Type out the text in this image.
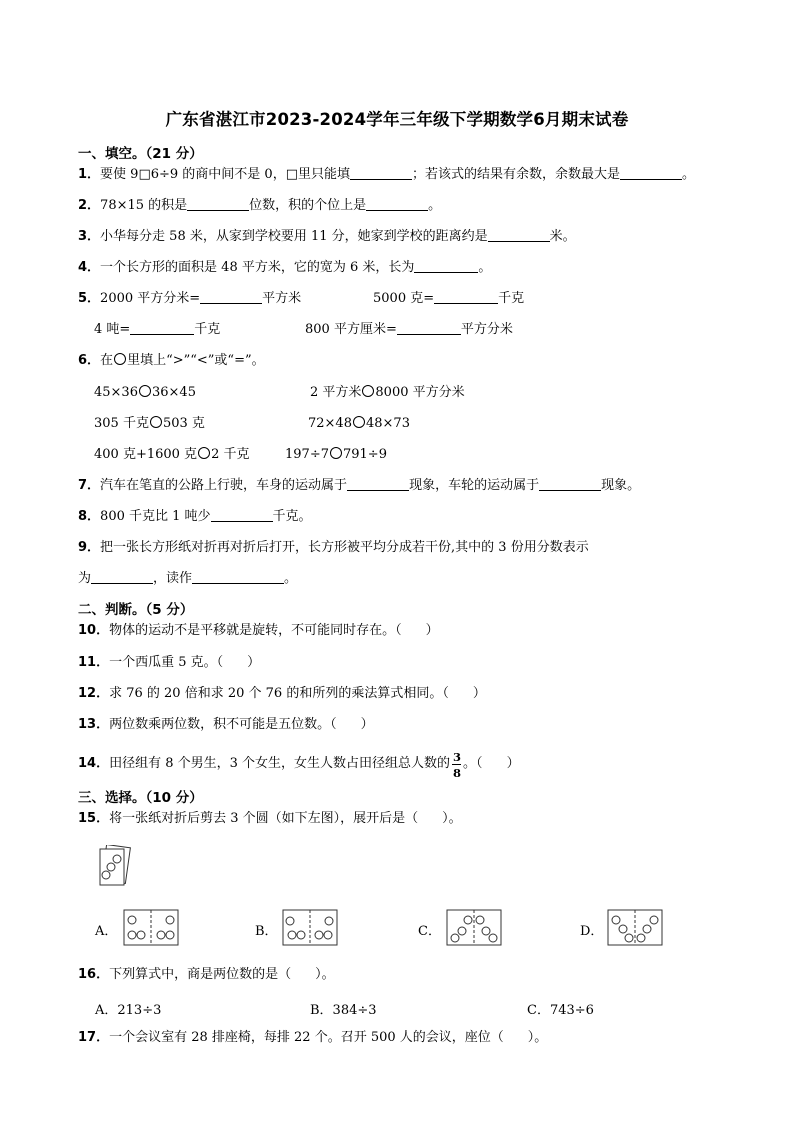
广东省湛江市2023-2024学年三年级下学期数学6月期末试卷
一、填空。（21 分）
1．要使 9□6÷9 的商中间不是 0，□里只能填	；若该式的结果有余数，余数最大是	。
2．78×15 的积是	位数，积的个位上是	。
3．小华每分走 58 米，从家到学校要用 11 分，她家到学校的距离约是	米。
4．一个长方形的面积是 48 平方米，它的宽为 6 米，长为	。
5．2000 平方分米=	平方米	5000 克=	千克
4 吨=	千克	800 平方厘米=	平方分米
6．在 里填上“>”“<”或“=”。
45×36 36×45	2 平方米 8000 平方分米
305 千克 503 克	72×48 48×73
400 克+1600 克 2 千克	197÷7 791÷9
7．汽车在笔直的公路上行驶，车身的运动属于	现象，车轮的运动属于	现象。
8．800 千克比 1 吨少	千克。
9．把一张长方形纸对折再对折后打开，长方形被平均分成若干份,其中的 3 份用分数表示
为	，读作	。
二、判断。（5 分）
10．物体的运动不是平移就是旋转，不可能同时存在。（ ）
11．一个西瓜重 5 克。（ ）
12．求 76 的 20 倍和求 20 个 76 的和所列的乘法算式相同。（ ）
13．两位数乘两位数，积不可能是五位数。（ ）
14．田径组有 8 个男生，3 个女生，女生人数占田径组总人数的 $\frac{3}{8}$ 。（ ）
三、选择。（10 分）
15．将一张纸对折后剪去 3 个圆（如下左图），展开后是（ ）。
A．	B．	C．	D．
16．下列算式中，商是两位数的是（ ）。
A．213÷3	B．384÷3	C．743÷6
17．一个会议室有 28 排座椅，每排 22 个。召开 500 人的会议，座位（ ）。
